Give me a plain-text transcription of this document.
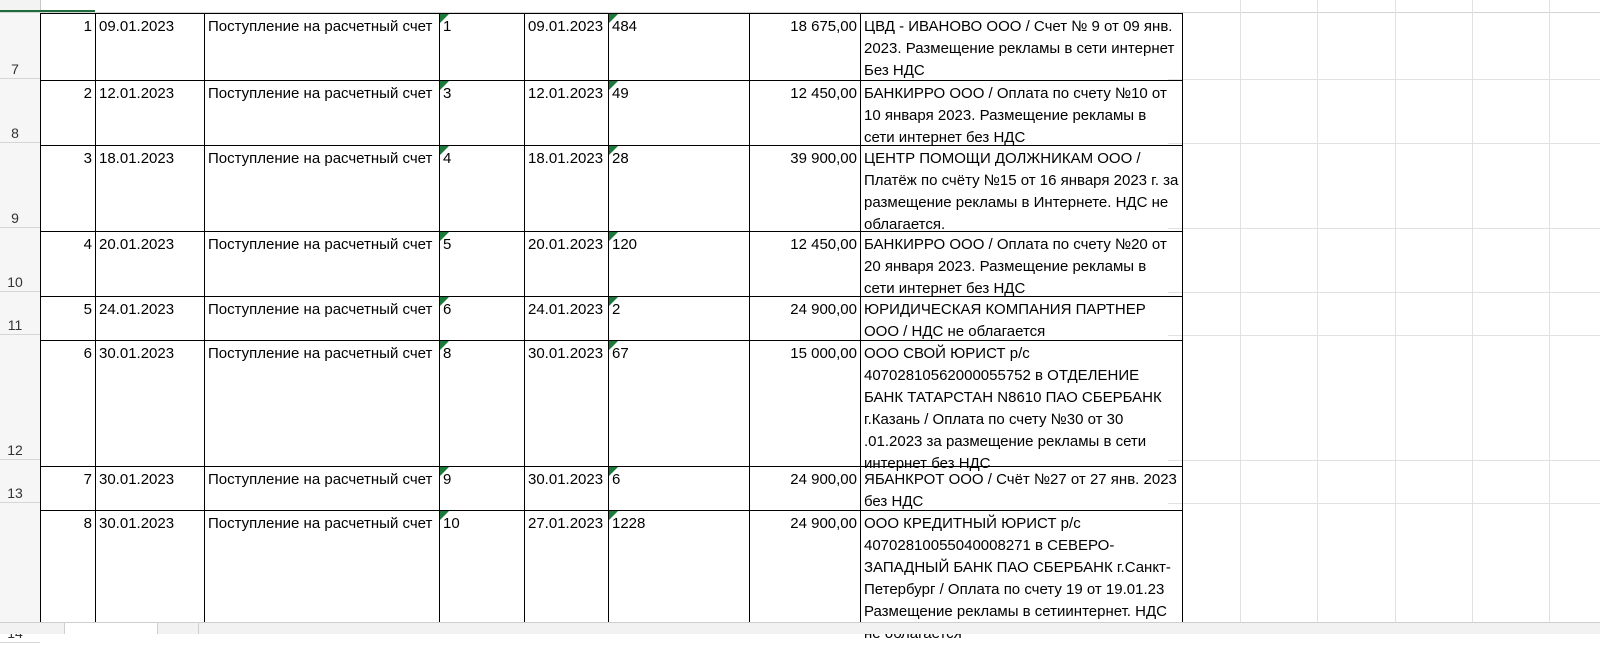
7
8
9
10
11
12
13
1	09.01.2023	Поступление на расчетный счет	1	09.01.2023	484	18 675,00	ЦВД - ИВАНОВО ООО / Счет № 9 от 09 янв. 2023. Размещение рекламы в сети интернет Без НДС

2	12.01.2023	Поступление на расчетный счет	3	12.01.2023	49	12 450,00	БАНКИРРО ООО / Оплата по счету №10 от 10 января 2023. Размещение рекламы в сети интернет без НДС

3	18.01.2023	Поступление на расчетный счет	4	18.01.2023	28	39 900,00	ЦЕНТР ПОМОЩИ ДОЛЖНИКАМ ООО / Платёж по счёту №15 от 16 января 2023 г. за размещение рекламы в Интернете. НДС не облагается.

4	20.01.2023	Поступление на расчетный счет	5	20.01.2023	120	12 450,00	БАНКИРРО ООО / Оплата по счету №20 от 20 января 2023. Размещение рекламы в сети интернет без НДС

5	24.01.2023	Поступление на расчетный счет	6	24.01.2023	2	24 900,00	ЮРИДИЧЕСКАЯ КОМПАНИЯ ПАРТНЕР ООО / НДС не облагается

6	30.01.2023	Поступление на расчетный счет	8	30.01.2023	67	15 000,00	ООО СВОЙ ЮРИСТ р/с 40702810562000055752 в ОТДЕЛЕНИЕ БАНК ТАТАРСТАН N8610 ПАО СБЕРБАНК г.Казань / Оплата по счету №30 от 30 .01.2023 за размещение рекламы в сети интернет без НДС

7	30.01.2023	Поступление на расчетный счет	9	30.01.2023	6	24 900,00	ЯБАНКРОТ ООО / Счёт №27 от 27 янв. 2023 без НДС

8	30.01.2023	Поступление на расчетный счет	10	27.01.2023	1228	24 900,00	ООО КРЕДИТНЫЙ ЮРИСТ р/с 40702810055040008271 в СЕВЕРО-ЗАПАДНЫЙ БАНК ПАО СБЕРБАНК г.Санкт-Петербург / Оплата по счету 19 от 19.01.23 Размещение рекламы в сетиинтернет. НДС
